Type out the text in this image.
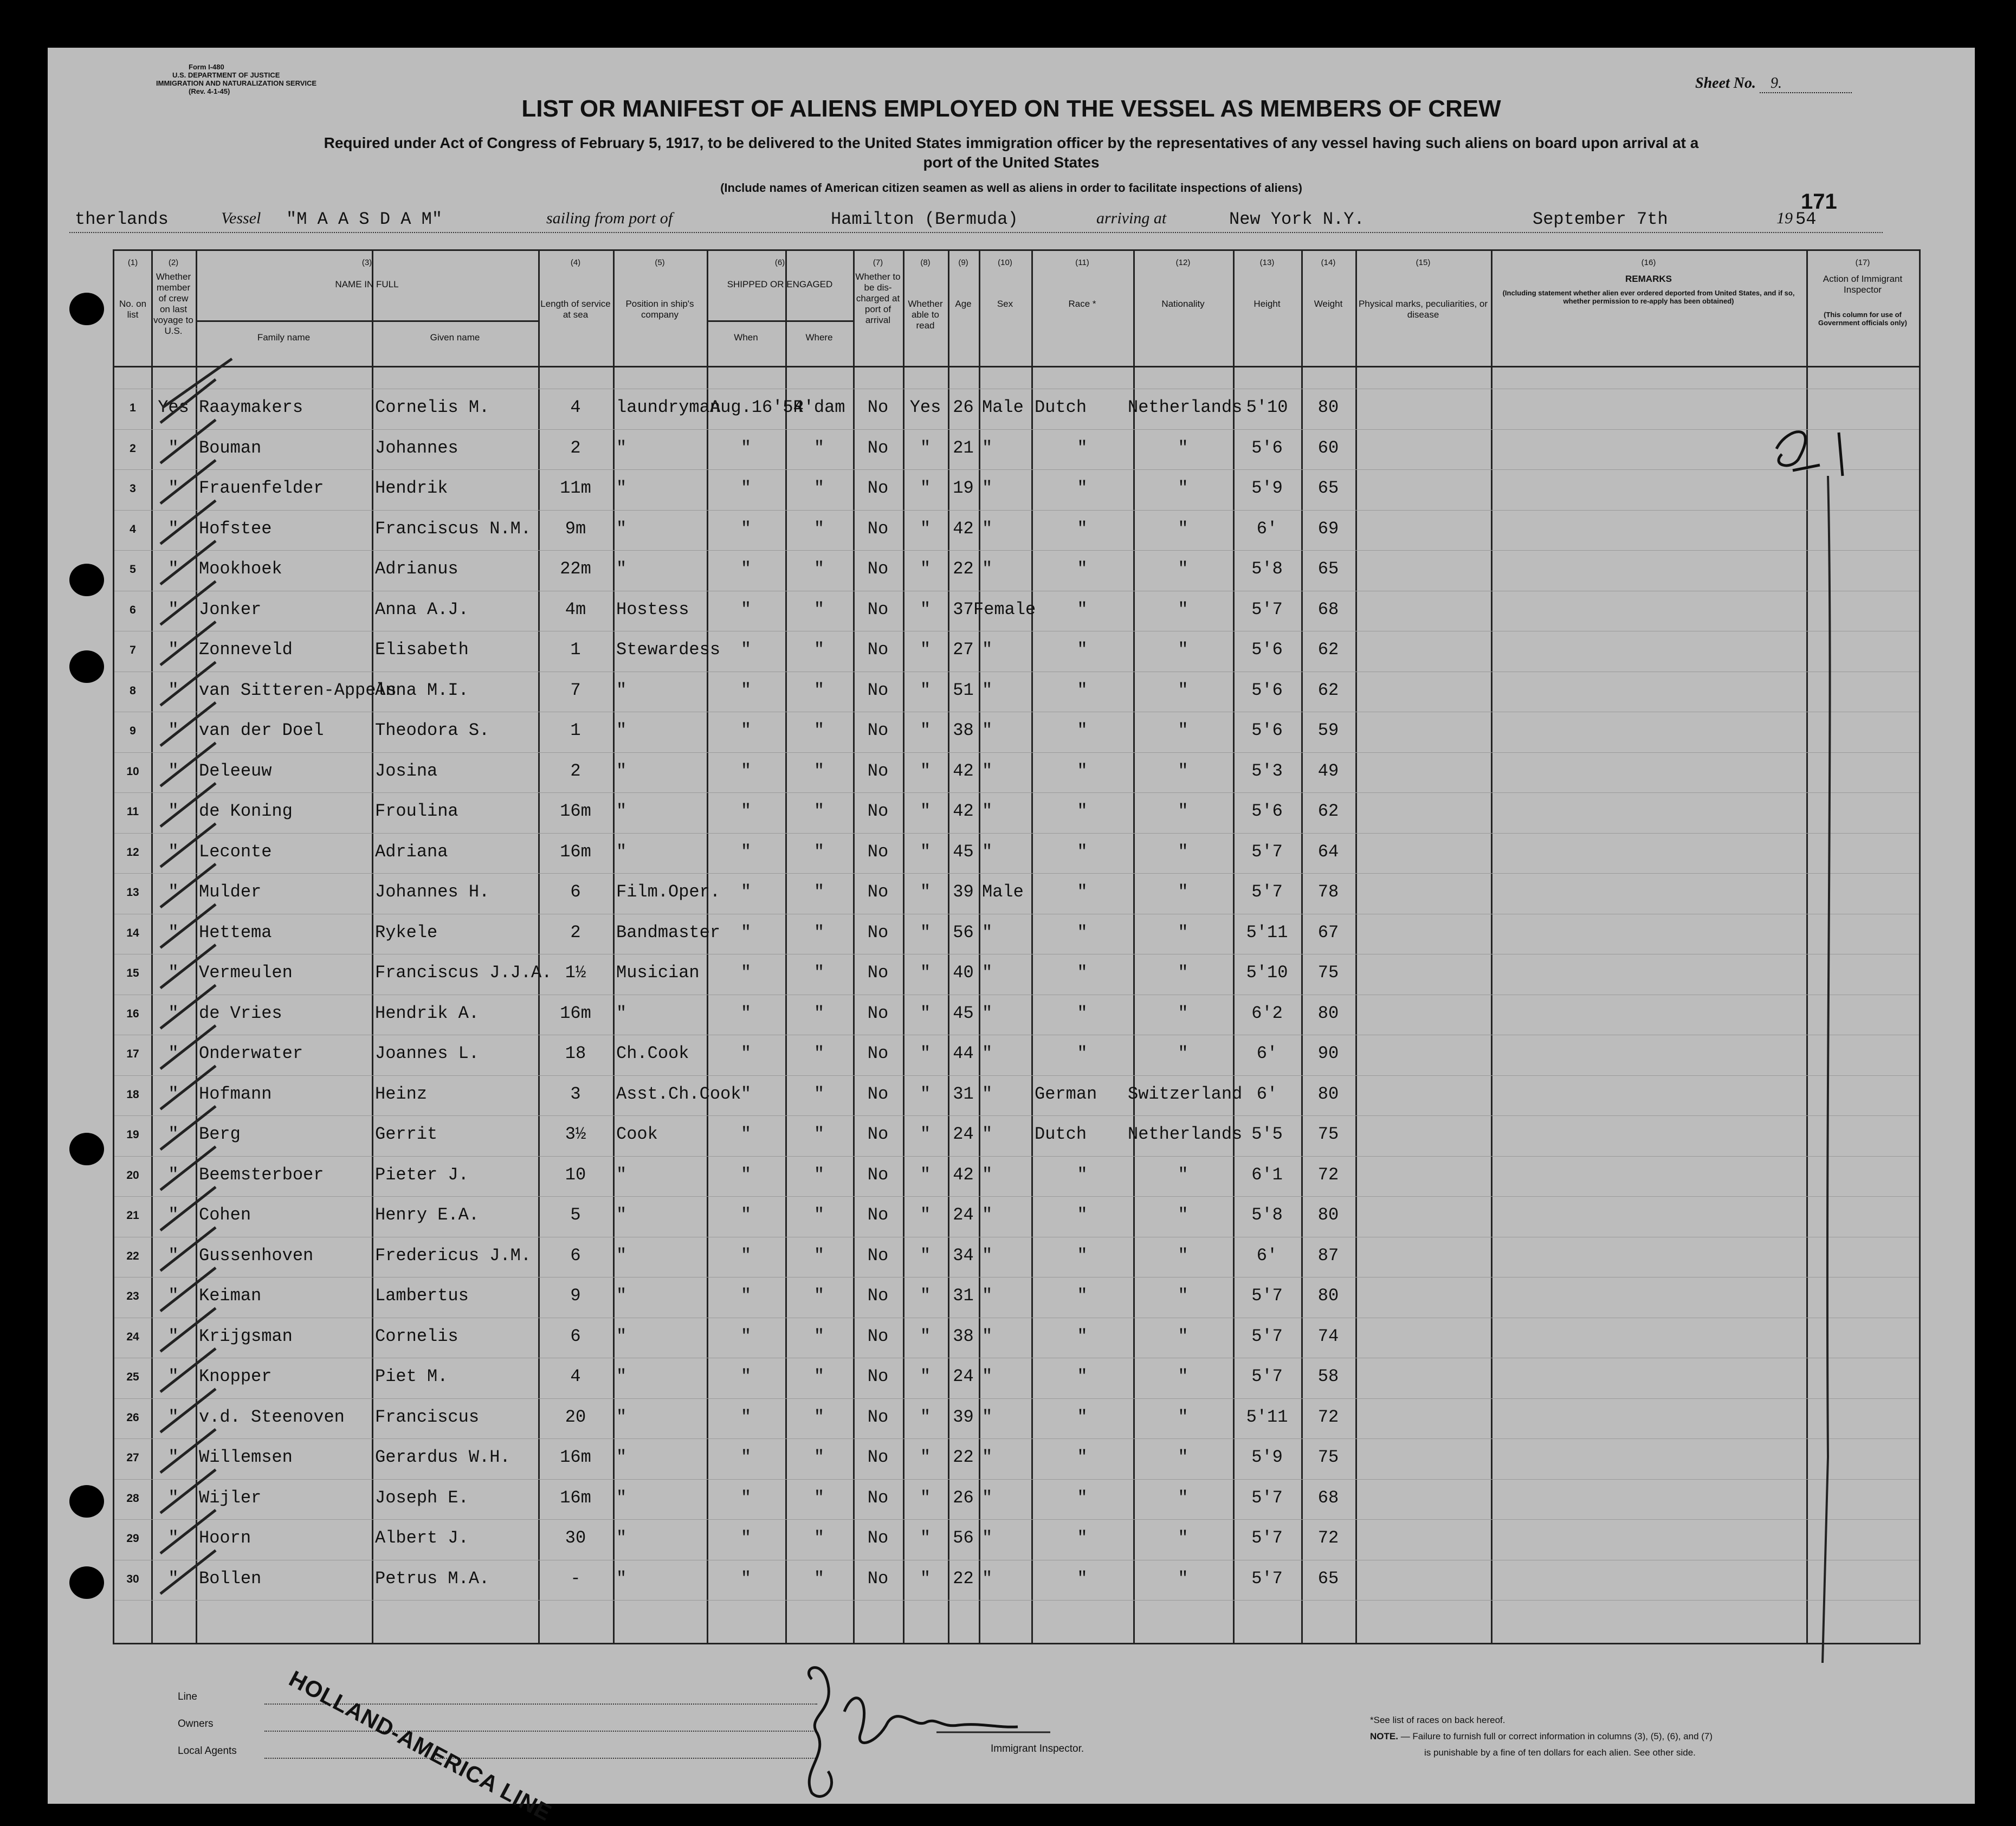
Form I-480
U.S. DEPARTMENT OF JUSTICE
IMMIGRATION AND NATURALIZATION SERVICE
(Rev. 4-1-45)	Sheet No. 9.
LIST OR MANIFEST OF ALIENS EMPLOYED ON THE VESSEL AS MEMBERS OF CREW
Required under Act of Congress of February 5, 1917, to be delivered to the United States immigration officer by the representatives of any vessel having such aliens on board upon arrival at a
port of the United States
(Include names of American citizen seamen as well as aliens in order to facilitate inspections of aliens)
171
therlands	Vessel "M A A S D A M"	sailing from port of	Hamilton (Bermuda)	arriving at	New York N.Y.	September 7th	19 54
(1)
No. on list
(2)
Whether member of crew on last voyage to U.S.
(3)
NAME IN FULL
(4)
Length of service at sea
(5)
Position in ship's company
(6)
SHIPPED OR ENGAGED
(7)
Whether to be dis-charged at port of arrival
(8)
Whether able to read
(9)
Age
(10)
Sex
(11)
Race *
(12)
Nationality
(13)
Height
(14)
Weight
(15)
Physical marks, peculiarities, or disease
(16)
REMARKS
(17)
Action of Immigrant Inspector
Family name	Given name	When	Where
(Including statement whether alien ever ordered deported from United States, and if so, whether permission to re-apply has been obtained)
(This column for use of Government officials only)
1	Yes Raaymakers	Cornelis M.	4	laundryman
Aug.16'54
R'dam	No	Yes 26 Male Dutch	Netherlands 5'10	80
2	"	Bouman	Johannes	2	"	"	"	No	"	21 "	"	"	5'6	60
3	"	Frauenfelder	Hendrik	11m	"	"	"	No	"	19 "	"	"	5'9	65
4	"	Hofstee	Franciscus N.M.	9m	"	"	"	No	"	42 "	"	"	6'	69
5	"	Mookhoek	Adrianus	22m	"	"	"	No	"	22 "	"	"	5'8	65
6	"	Jonker	Anna A.J.	4m	Hostess	"	"	No	"	37 Female	"	"	5'7	68
7	"	Zonneveld	Elisabeth	1	Stewardess	"	"	No	"	27 "	"	"	5'6	62
8	"	van Sitteren-Appels
Anna M.I.	7	"	"	"	No	"	51 "	"	"	5'6	62
9	"	van der Doel	Theodora S.	1	"	"	"	No	"	38 "	"	"	5'6	59
10	"	Deleeuw	Josina	2	"	"	"	No	"	42 "	"	"	5'3	49
11	"	de Koning	Froulina	16m	"	"	"	No	"	42 "	"	"	5'6	62
12	"	Leconte	Adriana	16m	"	"	"	No	"	45 "	"	"	5'7	64
13	"	Mulder	Johannes H.	6	Film.Oper.	"	"	No	"	39 Male	"	"	5'7	78
14	"	Hettema	Rykele	2	Bandmaster	"	"	No	"	56 "	"	"	5'11	67
15	"	Vermeulen	Franciscus J.J.A. 1½	Musician	"	"	No	"	40 "	"	"	5'10	75
16	"	de Vries	Hendrik A.	16m	"	"	"	No	"	45 "	"	"	6'2	80
17	"	Onderwater	Joannes L.	18	Ch.Cook	"	"	No	"	44 "	"	"	6'	90
18	"	Hofmann	Heinz	3	Asst.Ch.Cook "	"	No	"	31 "	German	Switzerland 6'	80
19	"	Berg	Gerrit	3½	Cook	"	"	No	"	24 "	Dutch	Netherlands 5'5	75
20	"	Beemsterboer	Pieter J.	10	"	"	"	No	"	42 "	"	"	6'1	72
21	"	Cohen	Henry E.A.	5	"	"	"	No	"	24 "	"	"	5'8	80
22	"	Gussenhoven	Fredericus J.M.	6	"	"	"	No	"	34 "	"	"	6'	87
23	"	Keiman	Lambertus	9	"	"	"	No	"	31 "	"	"	5'7	80
24	"	Krijgsman	Cornelis	6	"	"	"	No	"	38 "	"	"	5'7	74
25	"	Knopper	Piet M.	4	"	"	"	No	"	24 "	"	"	5'7	58
26	"	v.d. Steenoven	Franciscus	20	"	"	"	No	"	39 "	"	"	5'11	72
27	"	Willemsen	Gerardus W.H.	16m	"	"	"	No	"	22 "	"	"	5'9	75
28	"	Wijler	Joseph E.	16m	"	"	"	No	"	26 "	"	"	5'7	68
29	"	Hoorn	Albert J.	30	"	"	"	No	"	56 "	"	"	5'7	72
30	"	Bollen	Petrus M.A.	-	"	"	"	No	"	22 "	"	"	5'7	65
Line
Owners
Local Agents HOLLAND-AMERICA LINE	Immigrant Inspector.
*See list of races on back hereof.
NOTE. — Failure to furnish full or correct information in columns (3), (5), (6), and (7)
is punishable by a fine of ten dollars for each alien. See other side.
